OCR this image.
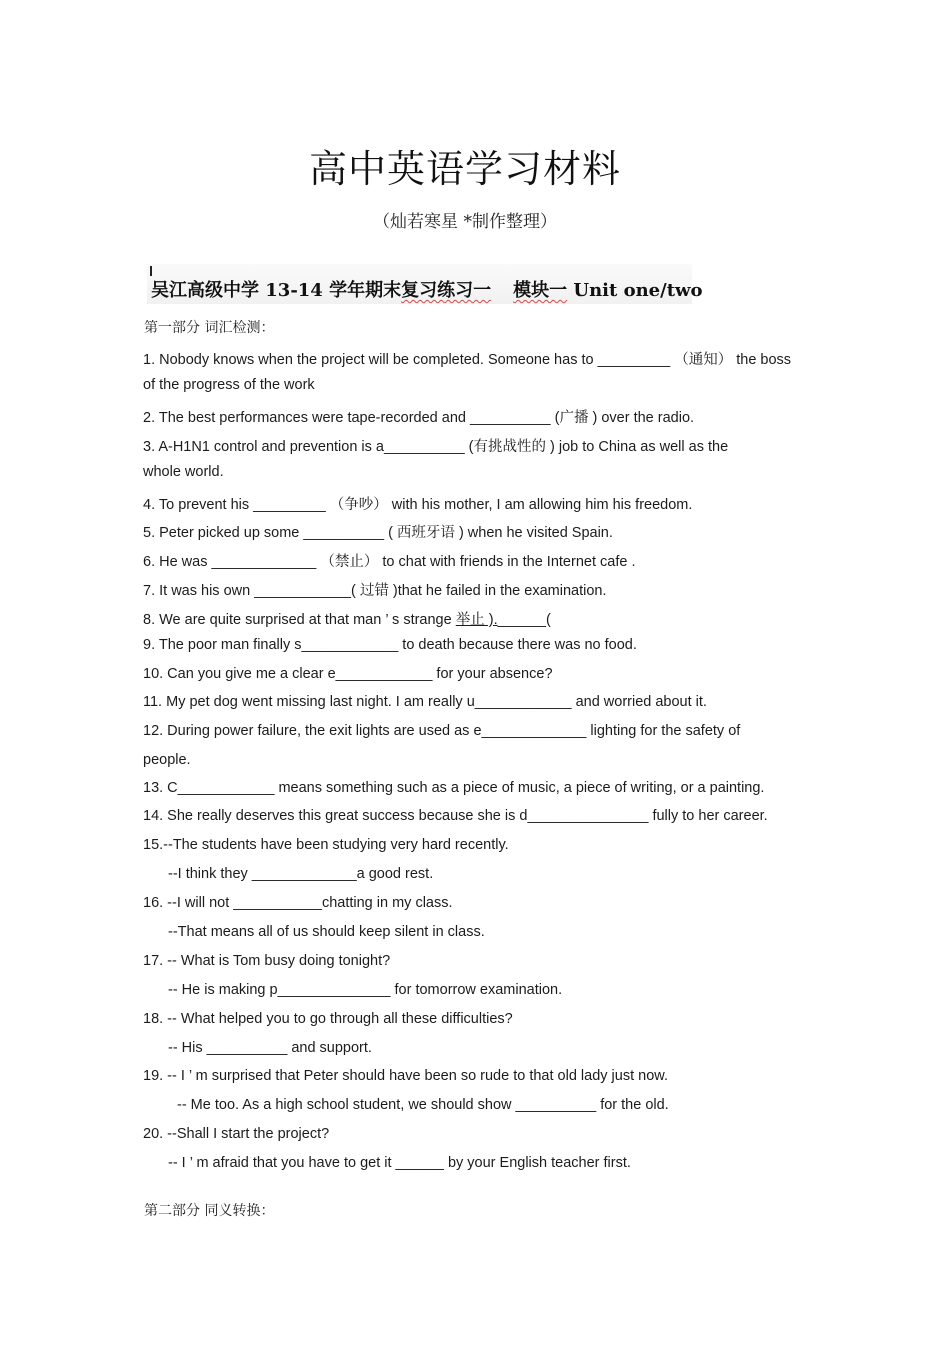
高中英语学习材料
（灿若寒星 *制作整理）
吴江高级中学 13-14 学年期末复习练习一 模块一 Unit one/two
第一部分 词汇检测：
1. Nobody knows when the project will be completed. Someone has to _________ （通知） the boss
of the progress of the work
2. The best performances were tape-recorded and __________ (广播 ) over the radio.
3. A-H1N1 control and prevention is a__________ (有挑战性的 ) job to China as well as the
whole world.
4. To prevent his _________ （争吵） with his mother, I am allowing him his freedom.
5. Peter picked up some __________ ( 西班牙语 ) when he visited Spain.
6. He was _____________ （禁止） to chat with friends in the Internet cafe .
7. It was his own ____________( 过错 )that he failed in the examination.
8. We are quite surprised at that man ’ s strange 举止 ).______(
9. The poor man finally s____________ to death because there was no food.
10. Can you give me a clear e____________ for your absence?
11. My pet dog went missing last night. I am really u____________ and worried about it.
12. During power failure, the exit lights are used as e_____________ lighting for the safety of
people.
13. C____________ means something such as a piece of music, a piece of writing, or a painting.
14. She really deserves this great success because she is d_______________ fully to her career.
15.--The students have been studying very hard recently.
--I think they _____________a good rest.
16. --I will not ___________chatting in my class.
--That means all of us should keep silent in class.
17. -- What is Tom busy doing tonight?
-- He is making p______________ for tomorrow examination.
18. -- What helped you to go through all these difficulties?
-- His __________ and support.
19. -- I ’ m surprised that Peter should have been so rude to that old lady just now.
-- Me too. As a high school student, we should show __________ for the old.
20. --Shall I start the project?
-- I ’ m afraid that you have to get it ______ by your English teacher first.
第二部分 同义转换：
